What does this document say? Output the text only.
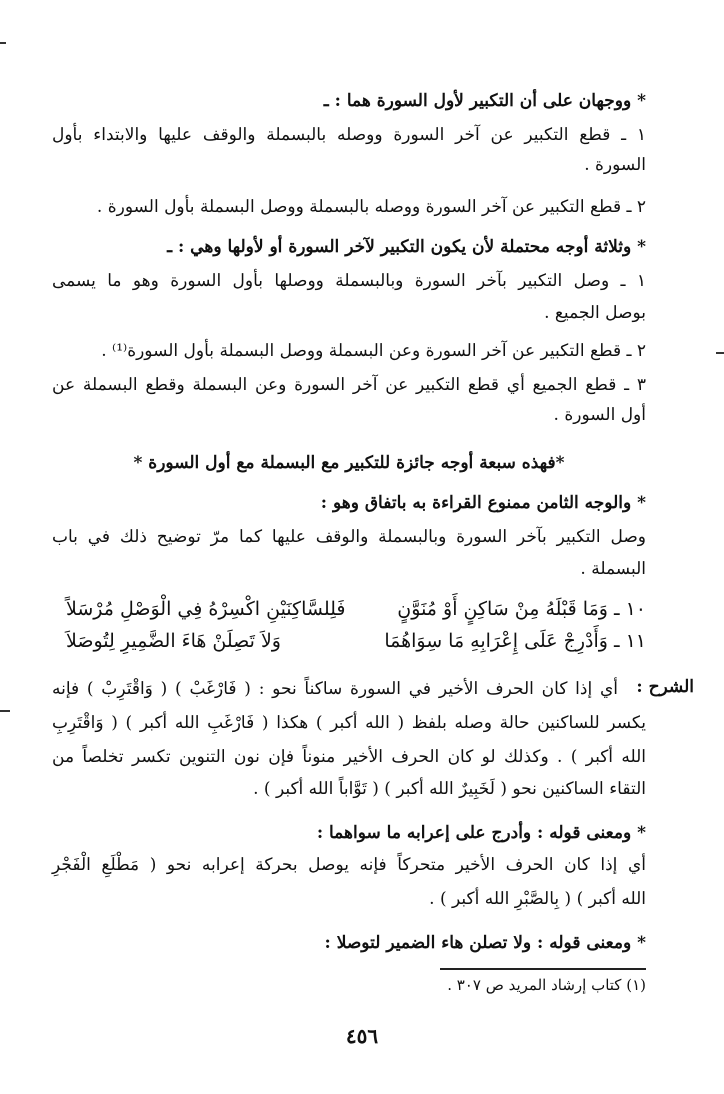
* ووجهان على أن التكبير لأول السورة هما : ـ
١ ـ قطع التكبير عن آخر السورة ووصله بالبسملة والوقف عليها والابتداء بأول
السورة .
٢ ـ قطع التكبير عن آخر السورة ووصله بالبسملة ووصل البسملة بأول السورة .
* وثلاثة أوجه محتملة لأن يكون التكبير لآخر السورة أو لأولها وهي : ـ
١ ـ وصل التكبير بآخر السورة وبالبسملة ووصلها بأول السورة وهو ما يسمى
بوصل الجميع .
٢ ـ قطع التكبير عن آخر السورة وعن البسملة ووصل البسملة بأول السورة⁽¹⁾ .
٣ ـ قطع الجميع أي قطع التكبير عن آخر السورة وعن البسملة وقطع البسملة عن
أول السورة .
*فهذه سبعة أوجه جائزة للتكبير مع البسملة مع أول السورة *
* والوجه الثامن ممنوع القراءة به باتفاق وهو :
وصل التكبير بآخر السورة وبالبسملة والوقف عليها كما مرّ توضيح ذلك في باب
البسملة .
١٠ ـ وَمَا قَبْلَهُ مِنْ سَاكِنٍ أَوْ مُنَوَّنٍ
فَلِلسَّاكِنَيْنِ اكْسِرْهُ فِي الْوَصْلِ مُرْسَلاً
١١ ـ وَأَدْرِجْ عَلَى إِعْرَابِهِ مَا سِوَاهُمَا
وَلاَ تَصِلَنْ هَاءَ الضَّمِيرِ لِتُوصَلاَ
الشرح :
أي إذا كان الحرف الأخير في السورة ساكناً نحو : ( فَارْغَبْ ) ( وَاقْتَرِبْ ) فإنه
يكسر للساكنين حالة وصله بلفظ ( الله أكبر ) هكذا ( فَارْغَبِ الله أكبر ) ( وَاقْتَرِبِ
الله أكبر ) . وكذلك لو كان الحرف الأخير منوناً فإن نون التنوين تكسر تخلصاً من
التقاء الساكنين نحو ( لَخَبِيرٌ الله أكبر ) ( تَوَّاباً الله أكبر ) .
* ومعنى قوله : وأدرج على إعرابه ما سواهما :
أي إذا كان الحرف الأخير متحركاً فإنه يوصل بحركة إعرابه نحو ( مَطْلَعِ الْفَجْرِ
الله أكبر ) ( بِالصَّبْرِ الله أكبر ) .
* ومعنى قوله : ولا تصلن هاء الضمير لتوصلا :
(١) كتاب إرشاد المريد ص ٣٠٧ .
٤٥٦
